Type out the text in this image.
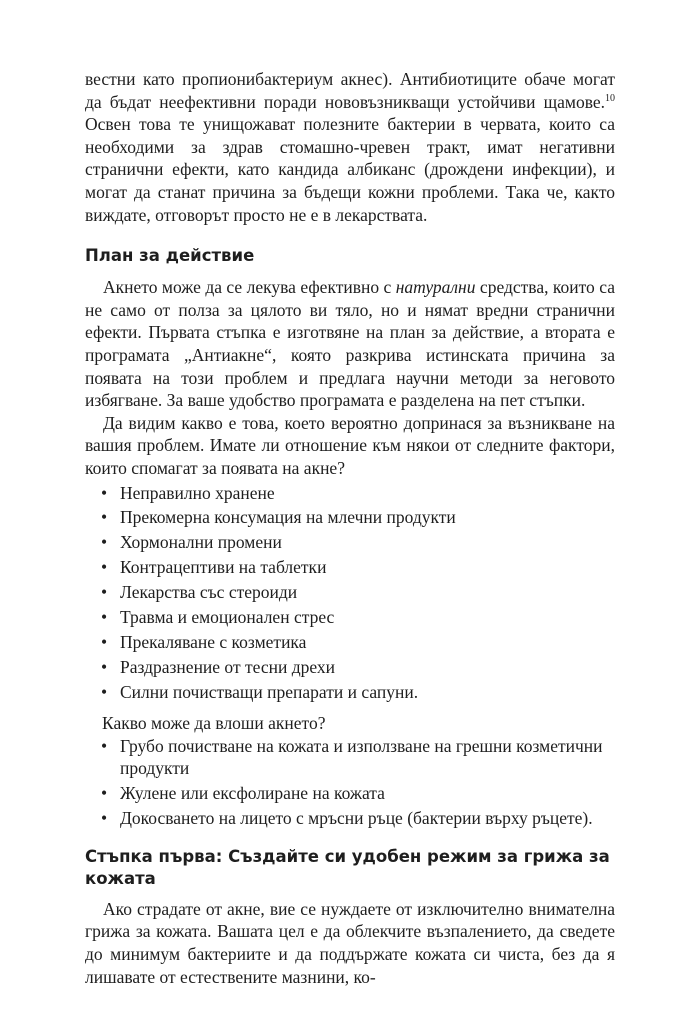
вестни като пропионибактериум акнес). Антибиотиците обаче могат да бъдат неефективни поради нововъзникващи устойчиви щамове.$^{10}$ Освен това те унищожават полезните бактерии в червата, които са необходими за здрав стомашно-чревен тракт, имат негативни странични ефекти, като кандида албиканс (дрождени инфекции), и могат да станат причина за бъдещи кожни проблеми. Така че, както виждате, отговорът просто не е в лекарствата.

План за действие

Акнето може да се лекува ефективно с натурални средства, които са не само от полза за цялото ви тяло, но и нямат вредни странични ефекти. Първата стъпка е изготвяне на план за действие, а втората е програмата „Антиакне“, която разкрива истинската причина за появата на този проблем и предлага научни методи за неговото избягване. За ваше удобство програмата е разделена на пет стъпки.

Да видим какво е това, което вероятно допринася за възникване на вашия проблем. Имате ли отношение към някои от следните фактори, които спомагат за появата на акне?

• Неправилно хранене
• Прекомерна консумация на млечни продукти
• Хормонални промени
• Контрацептиви на таблетки
• Лекарства със стероиди
• Травма и емоционален стрес
• Прекаляване с козметика
• Раздразнение от тесни дрехи
• Силни почистващи препарати и сапуни.

Какво може да влоши акнето?

• Грубо почистване на кожата и използване на грешни козметични продукти
• Жулене или ексфолиране на кожата
• Докосването на лицето с мръсни ръце (бактерии върху ръцете).
Стъпка първа: Създайте си удобен режим за грижа за кожата

Ако страдате от акне, вие се нуждаете от изключително внимателна грижа за кожата. Вашата цел е да облекчите възпалението, да сведете до минимум бактериите и да поддържате кожата си чиста, без да я лишавате от естествените мазнини, ко-
